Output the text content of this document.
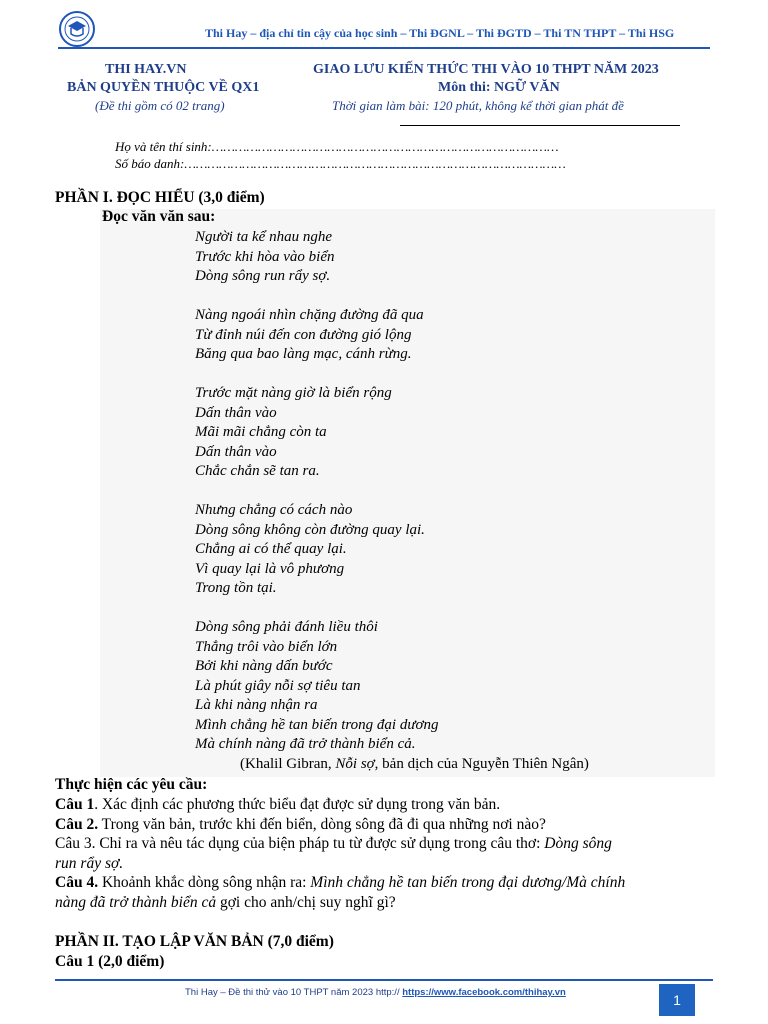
Thi Hay – địa chỉ tin cậy của học sinh – Thi ĐGNL – Thi ĐGTD – Thi TN THPT – Thi HSG
THI HAY.VN
BẢN QUYỀN THUỘC VỀ QX1
(Đề thi gồm có 02 trang)
GIAO LƯU KIẾN THỨC THI VÀO 10 THPT NĂM 2023
Môn thi: NGỮ VĂN
Thời gian làm bài: 120 phút, không kể thời gian phát đề
Họ và tên thí sinh:………………………………………………………………………………
Số báo danh:………………………………………………………………………………………
PHẦN I. ĐỌC HIỂU (3,0 điểm)
Đọc văn văn sau:
Người ta kể nhau nghe
Trước khi hòa vào biển
Dòng sông run rẩy sợ.
Nàng ngoái nhìn chặng đường đã qua
Từ đỉnh núi đến con đường gió lộng
Băng qua bao làng mạc, cánh rừng.
Trước mặt nàng giờ là biển rộng
Dấn thân vào
Mãi mãi chẳng còn ta
Dấn thân vào
Chắc chắn sẽ tan ra.
Nhưng chẳng có cách nào
Dòng sông không còn đường quay lại.
Chẳng ai có thể quay lại.
Vì quay lại là vô phương
Trong tồn tại.
Dòng sông phải đánh liều thôi
Thẳng trôi vào biển lớn
Bởi khi nàng dấn bước
Là phút giây nỗi sợ tiêu tan
Là khi nàng nhận ra
Mình chẳng hề tan biến trong đại dương
Mà chính nàng đã trở thành biển cả.
(Khalil Gibran, Nỗi sợ, bản dịch của Nguyễn Thiên Ngân)
Thực hiện các yêu cầu:
Câu 1. Xác định các phương thức biểu đạt được sử dụng trong văn bản.
Câu 2. Trong văn bản, trước khi đến biển, dòng sông đã đi qua những nơi nào?
Câu 3. Chỉ ra và nêu tác dụng của biện pháp tu từ được sử dụng trong câu thơ: Dòng sông
run rẩy sợ.
Câu 4. Khoảnh khắc dòng sông nhận ra: Mình chẳng hề tan biến trong đại dương/Mà chính
nàng đã trở thành biển cả gợi cho anh/chị suy nghĩ gì?
PHẦN II. TẠO LẬP VĂN BẢN (7,0 điểm)
Câu 1 (2,0 điểm)
Thi Hay – Đề thi thử vào 10 THPT năm 2023 http:// https://www.facebook.com/thihay.vn	1
